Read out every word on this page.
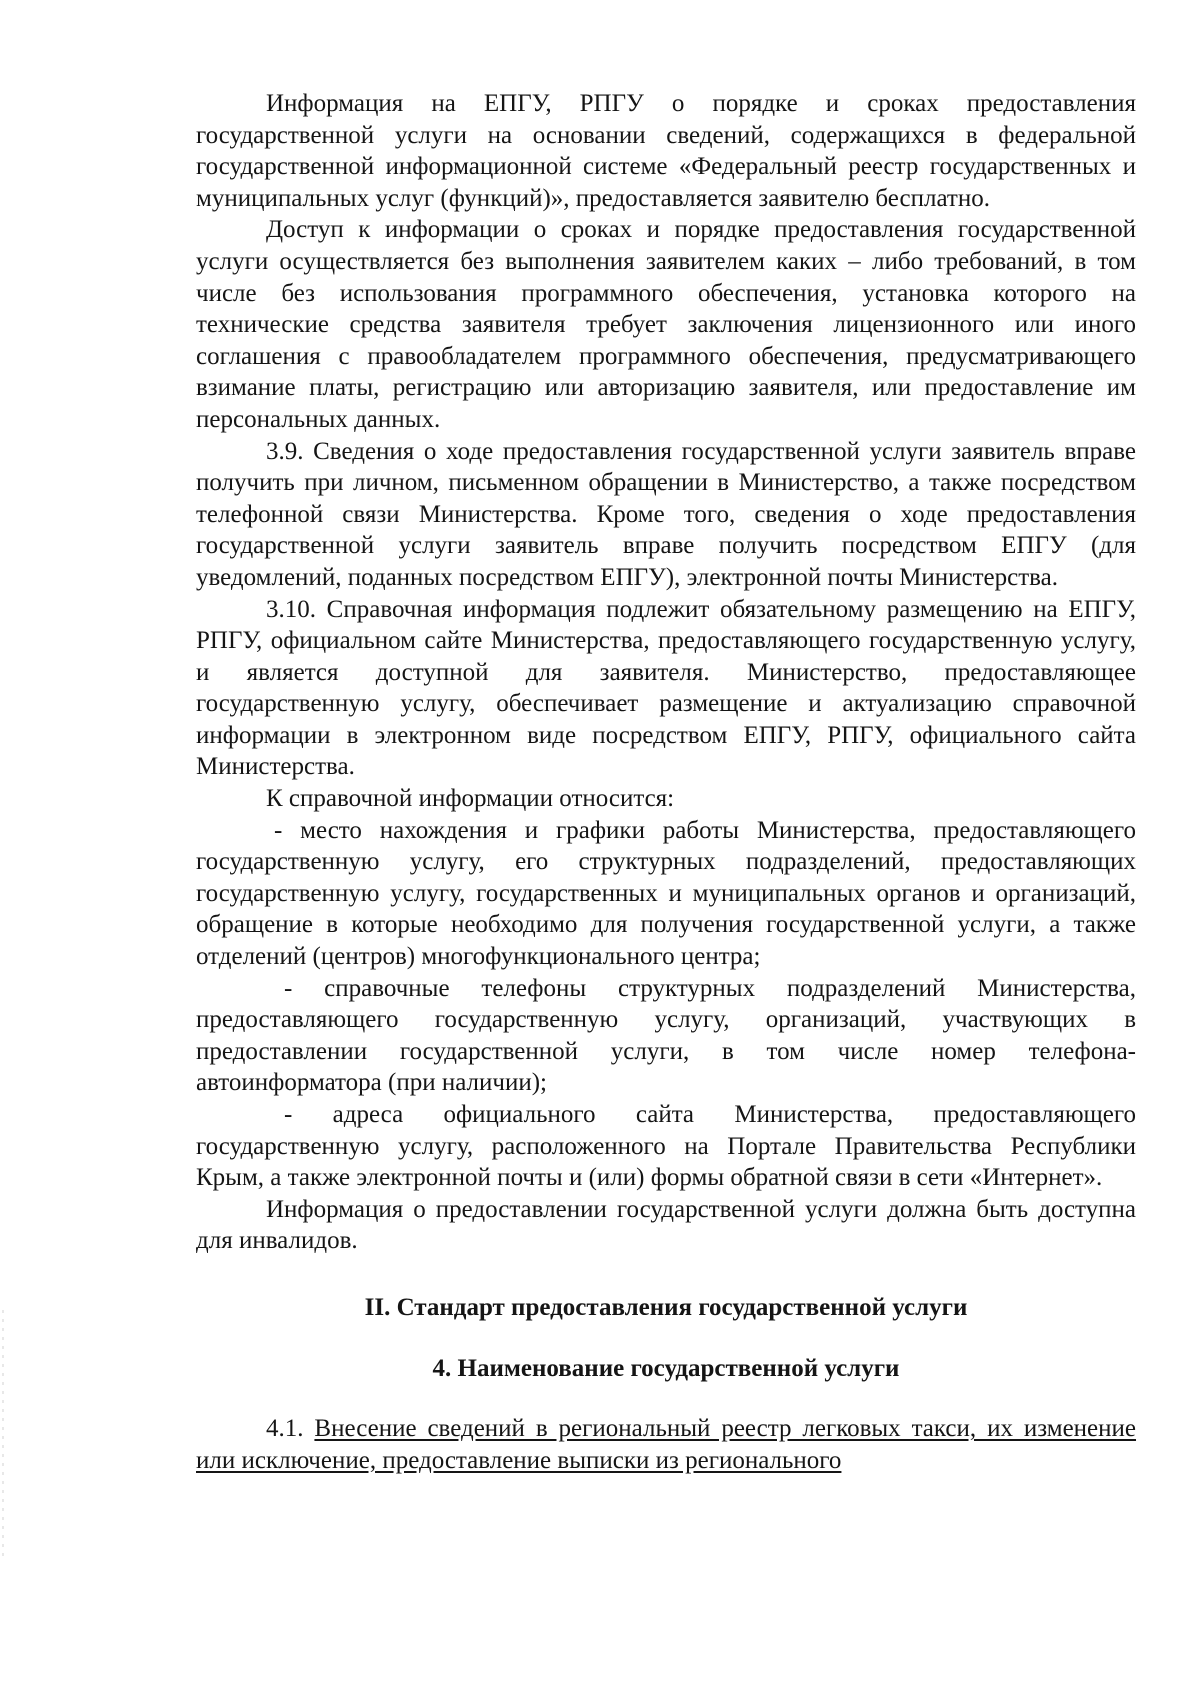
Информация на ЕПГУ, РПГУ о порядке и сроках предоставления государственной услуги на основании сведений, содержащихся в федеральной государственной информационной системе «Федеральный реестр государственных и муниципальных услуг (функций)», предоставляется заявителю бесплатно.

Доступ к информации о сроках и порядке предоставления государственной услуги осуществляется без выполнения заявителем каких – либо требований, в том числе без использования программного обеспечения, установка которого на технические средства заявителя требует заключения лицензионного или иного соглашения с правообладателем программного обеспечения, предусматривающего взимание платы, регистрацию или авторизацию заявителя, или предоставление им персональных данных.

3.9. Сведения о ходе предоставления государственной услуги заявитель вправе получить при личном, письменном обращении в Министерство, а также посредством телефонной связи Министерства. Кроме того, сведения о ходе предоставления государственной услуги заявитель вправе получить посредством ЕПГУ (для уведомлений, поданных посредством ЕПГУ), электронной почты Министерства.

3.10. Справочная информация подлежит обязательному размещению на ЕПГУ, РПГУ, официальном сайте Министерства, предоставляющего государственную услугу, и является доступной для заявителя. Министерство, предоставляющее государственную услугу, обеспечивает размещение и актуализацию справочной информации в электронном виде посредством ЕПГУ, РПГУ, официального сайта Министерства.

К справочной информации относится:

- место нахождения и графики работы Министерства, предоставляющего государственную услугу, его структурных подразделений, предоставляющих государственную услугу, государственных и муниципальных органов и организаций, обращение в которые необходимо для получения государственной услуги, а также отделений (центров) многофункционального центра;

- справочные телефоны структурных подразделений Министерства, предоставляющего государственную услугу, организаций, участвующих в предоставлении государственной услуги, в том числе номер телефона-автоинформатора (при наличии);

- адреса официального сайта Министерства, предоставляющего государственную услугу, расположенного на Портале Правительства Республики Крым, а также электронной почты и (или) формы обратной связи в сети «Интернет».

Информация о предоставлении государственной услуги должна быть доступна для инвалидов.

II. Стандарт предоставления государственной услуги

4. Наименование государственной услуги

4.1. Внесение сведений в региональный реестр легковых такси, их изменение или исключение, предоставление выписки из регионального
